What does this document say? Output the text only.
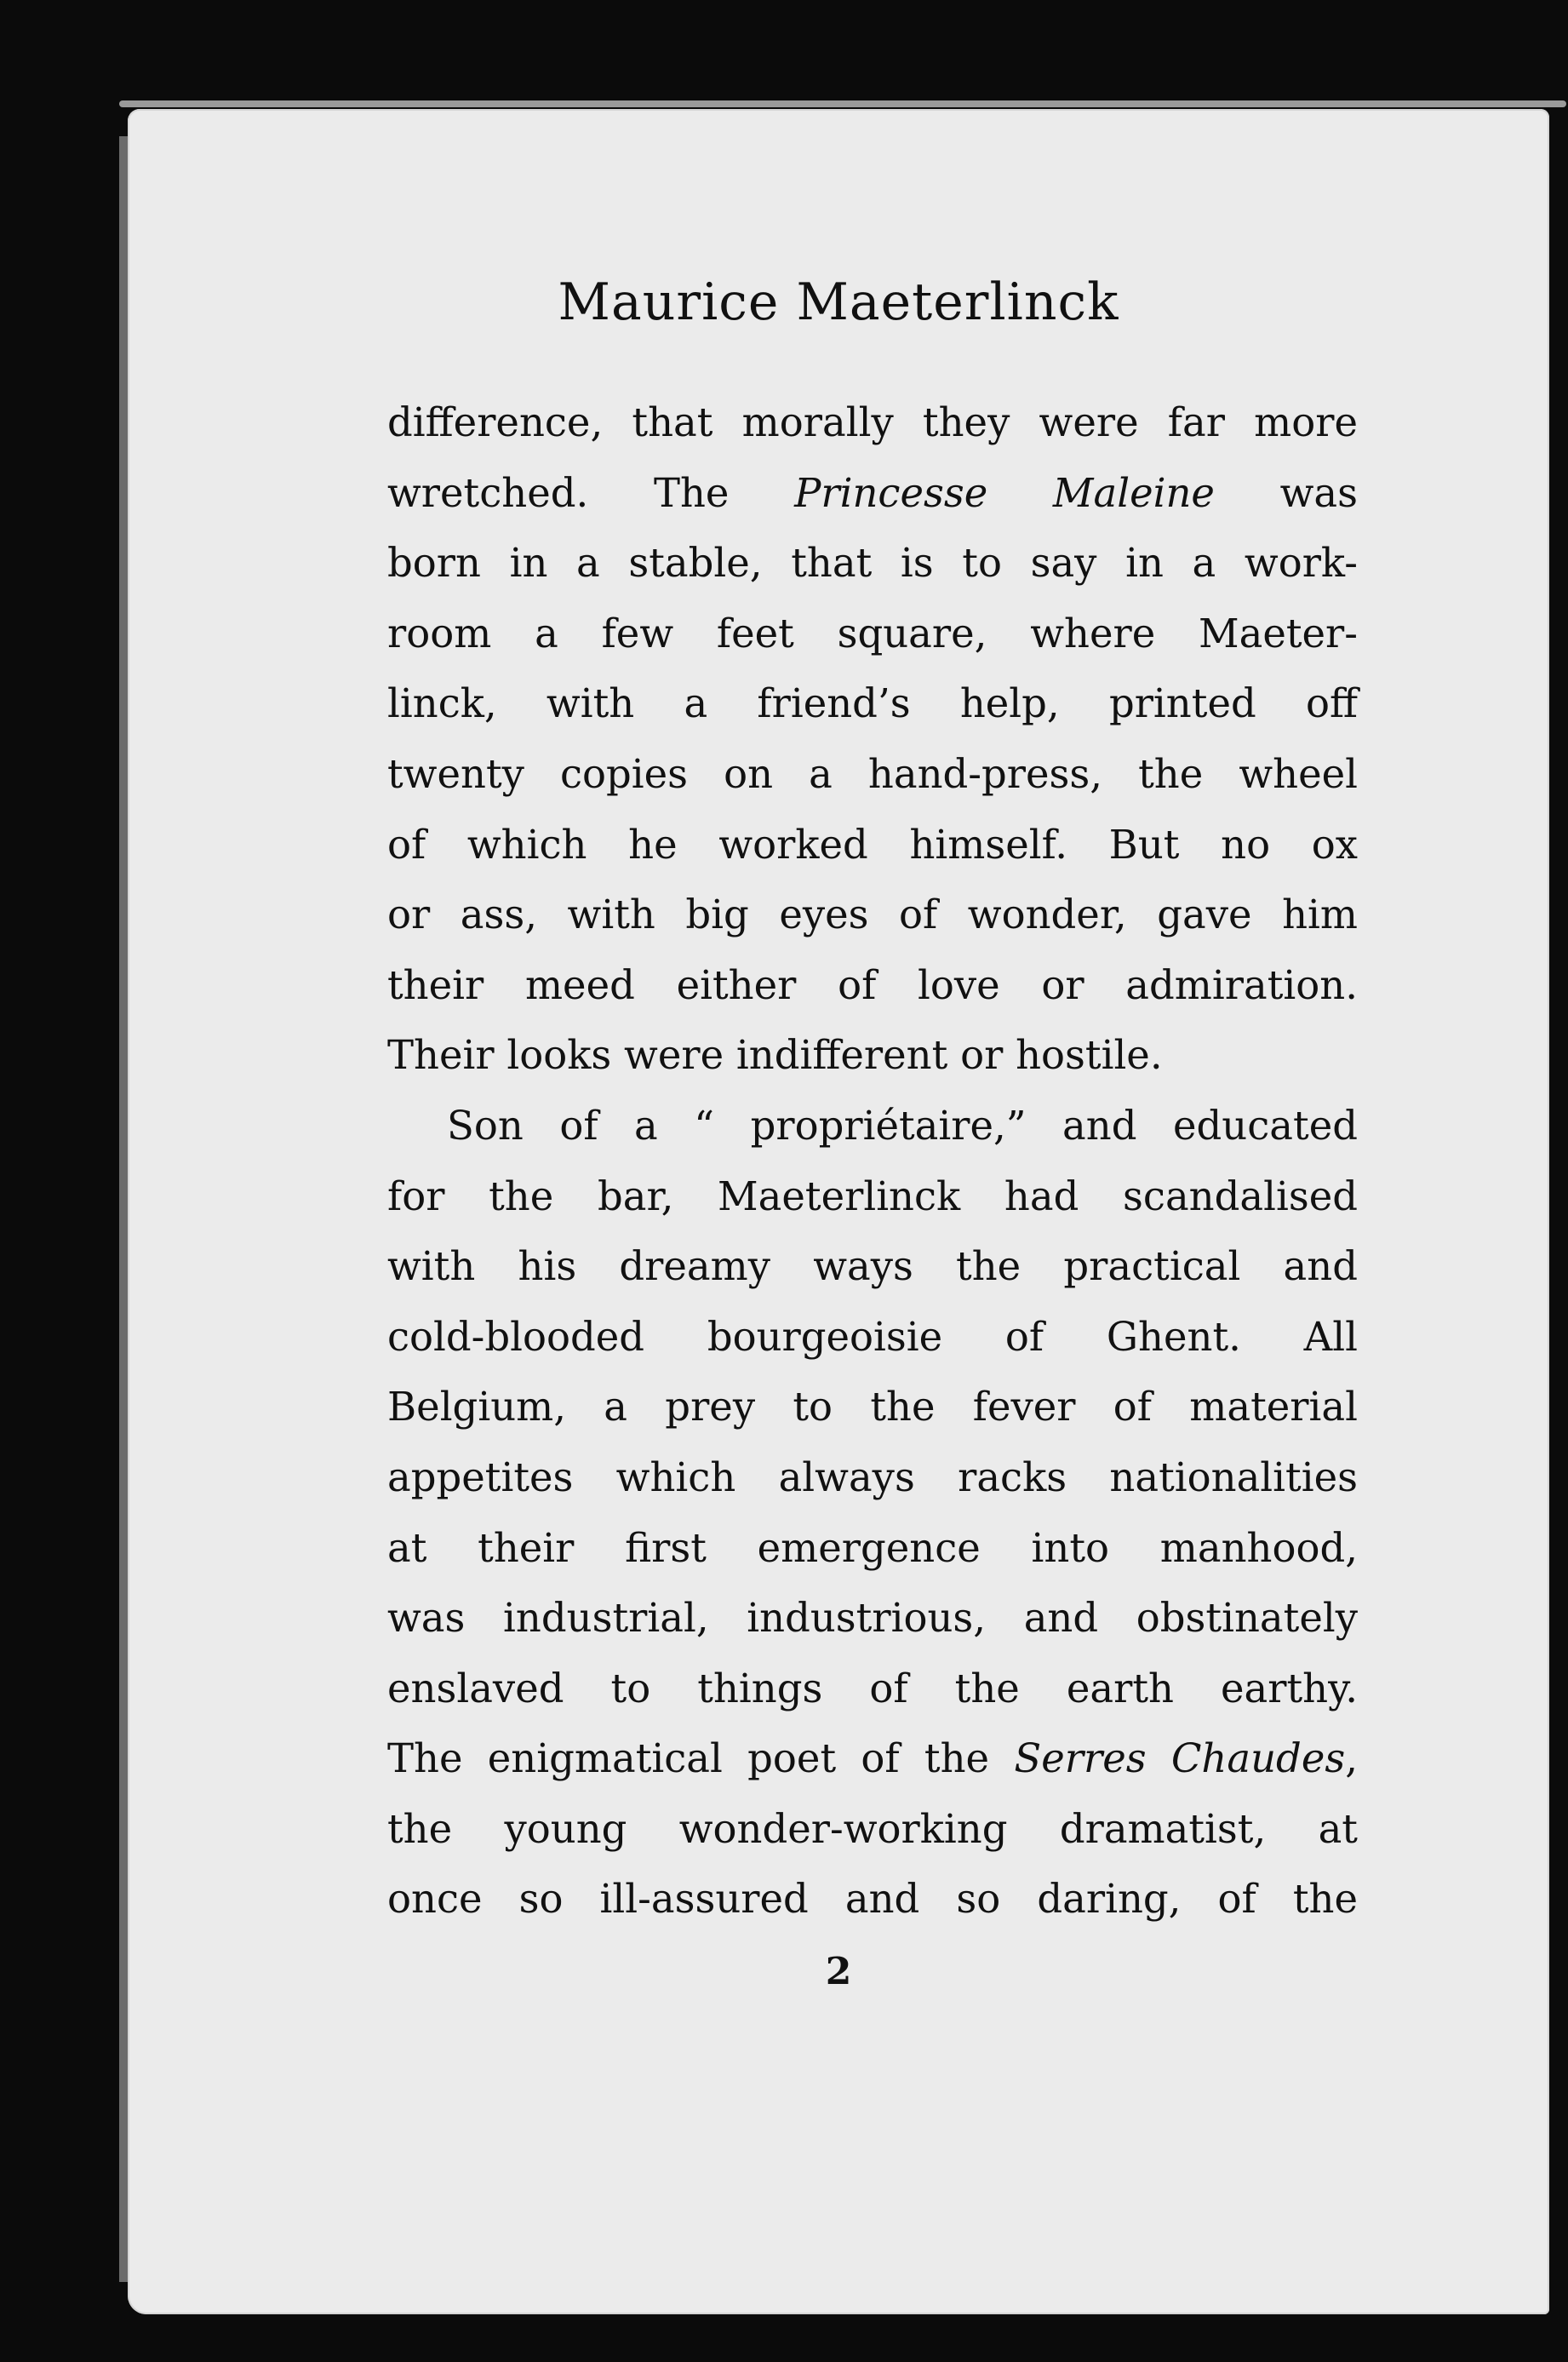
Maurice Maeterlinck
difference, that morally they were far more
wretched. The Princesse Maleine was
born in a stable, that is to say in a work-
room a few feet square, where Maeter-
linck, with a friend’s help, printed off
twenty copies on a hand-press, the wheel
of which he worked himself. But no ox
or ass, with big eyes of wonder, gave him
their meed either of love or admiration.
Their looks were indifferent or hostile.
Son of a “ propriétaire,” and educated
for the bar, Maeterlinck had scandalised
with his dreamy ways the practical and
cold-blooded bourgeoisie of Ghent. All
Belgium, a prey to the fever of material
appetites which always racks nationalities
at their first emergence into manhood,
was industrial, industrious, and obstinately
enslaved to things of the earth earthy.
The enigmatical poet of the Serres Chaudes,
the young wonder-working dramatist, at
once so ill-assured and so daring, of the
2
